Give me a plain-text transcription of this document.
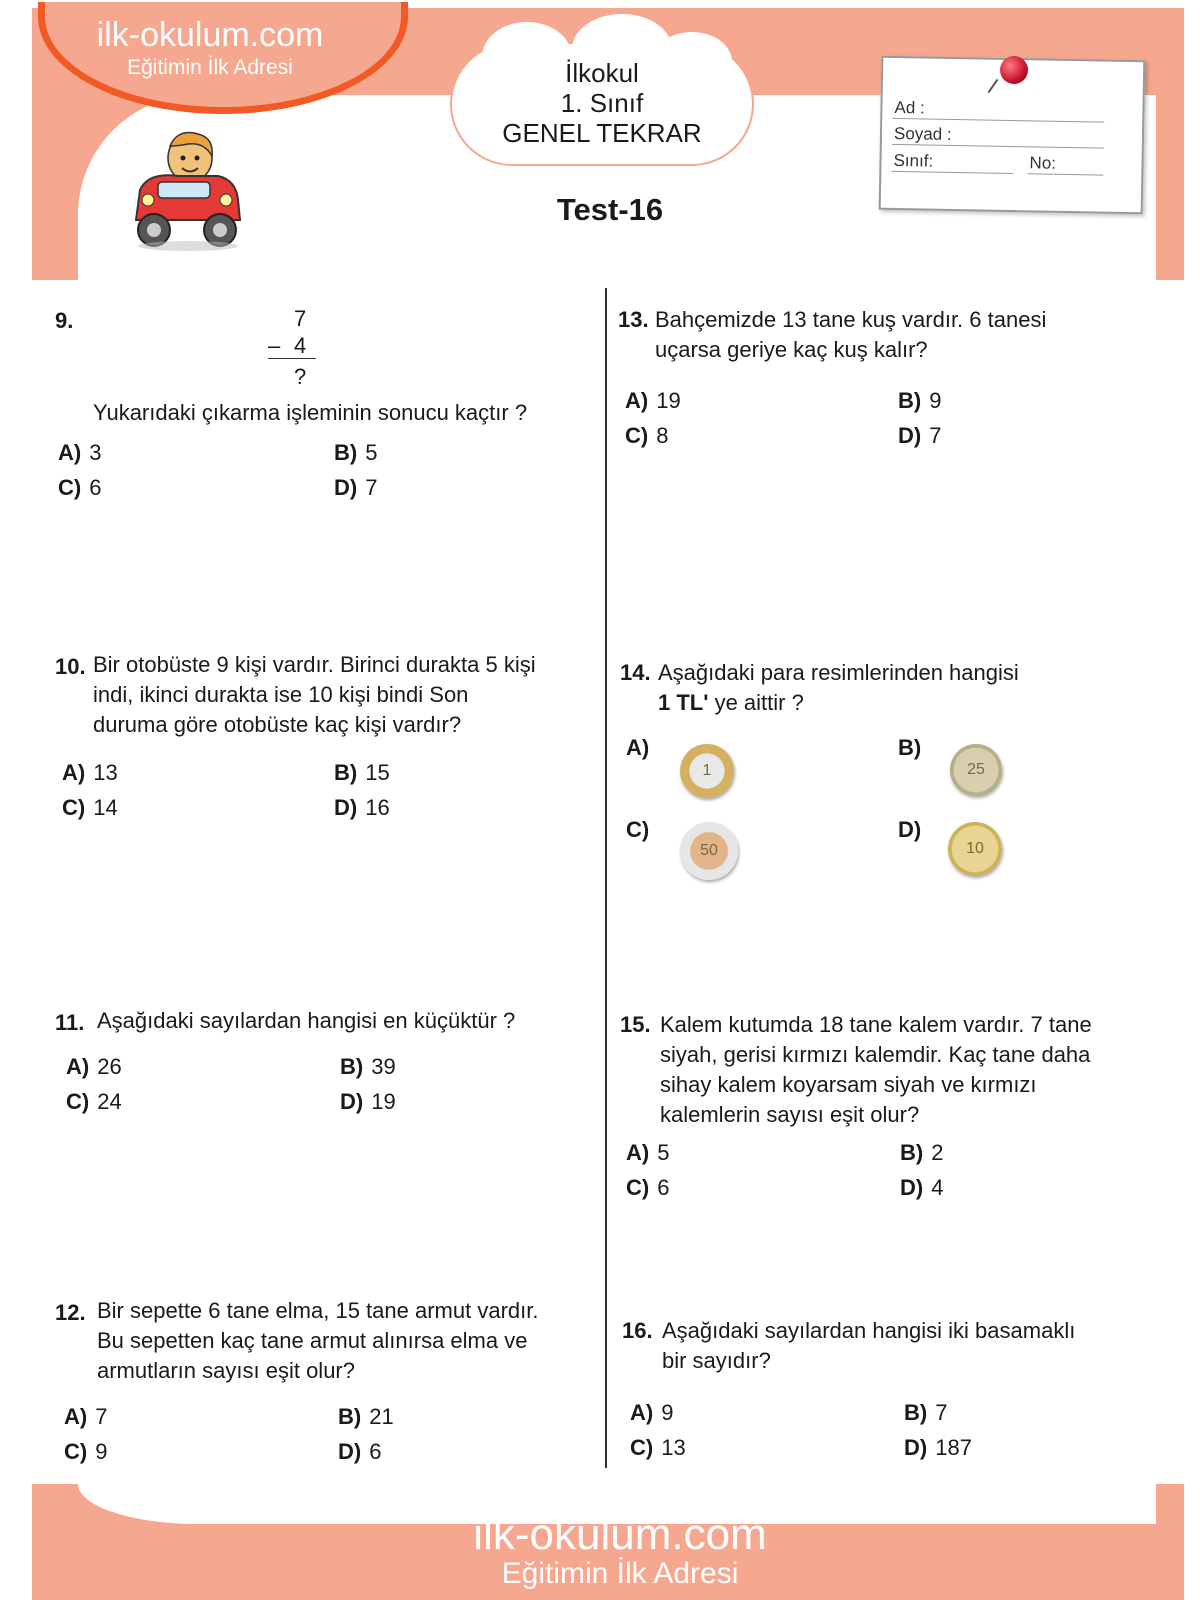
ilk-okulum.com
Eğitimin İlk Adresi	İlkokul
1. Sınıf
GENEL TEKRAR
Test-16
Ad :
Soyad :
Sınıf:	No:
9.	7
– 4
?
Yukarıdaki çıkarma işleminin sonucu kaçtır ?
A) 3	B) 5
C) 6	D) 7
10. Bir otobüste 9 kişi vardır. Birinci durakta 5 kişi
indi, ikinci durakta ise 10 kişi bindi Son
duruma göre otobüste kaç kişi vardır?
A) 13	B) 15
C) 14	D) 16
11. Aşağıdaki sayılardan hangisi en küçüktür ?
A) 26	B) 39
C) 24	D) 19
12. Bir sepette 6 tane elma, 15 tane armut vardır.
Bu sepetten kaç tane armut alınırsa elma ve
armutların sayısı eşit olur?
A) 7	B) 21
C) 9	D) 6
13. Bahçemizde 13 tane kuş vardır. 6 tanesi
uçarsa geriye kaç kuş kalır?
A) 19	B) 9
C) 8	D) 7
14. Aşağıdaki para resimlerinden hangisi
1 TL' ye aittir ?
A)
1
B)
25
C)
50
D)
10
15. Kalem kutumda 18 tane kalem vardır. 7 tane
siyah, gerisi kırmızı kalemdir. Kaç tane daha
sihay kalem koyarsam siyah ve kırmızı
kalemlerin sayısı eşit olur?
A) 5	B) 2
C) 6	D) 4
16. Aşağıdaki sayılardan hangisi iki basamaklı
bir sayıdır?
A) 9	B) 7
C) 13	D) 187
ilk-okulum.com
Eğitimin İlk Adresi
